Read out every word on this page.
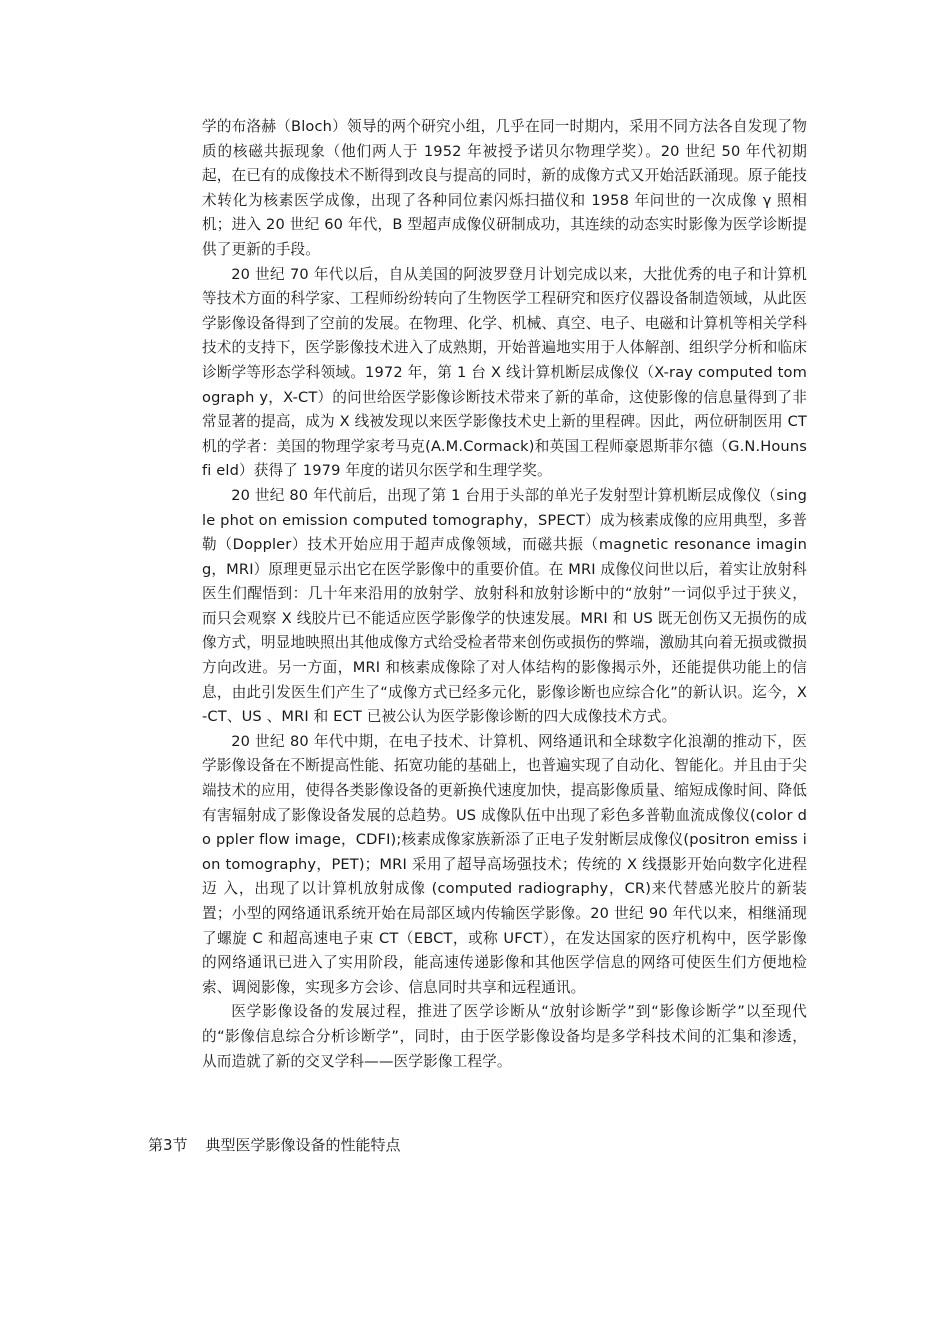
学的布洛赫（Bloch）领导的两个研究小组，几乎在同一时期内，采用不同方法各自发现了物质的核磁共振现象（他们两人于 1952 年被授予诺贝尔物理学奖）。20 世纪 50 年代初期起，在已有的成像技术不断得到改良与提高的同时，新的成像方式又开始活跃涌现。原子能技术转化为核素医学成像，出现了各种同位素闪烁扫描仪和 1958 年问世的一次成像 γ 照相机；进入 20 世纪 60 年代，B 型超声成像仪研制成功，其连续的动态实时影像为医学诊断提供了更新的手段。

20 世纪 70 年代以后，自从美国的阿波罗登月计划完成以来，大批优秀的电子和计算机等技术方面的科学家、工程师纷纷转向了生物医学工程研究和医疗仪器设备制造领域，从此医学影像设备得到了空前的发展。在物理、化学、机械、真空、电子、电磁和计算机等相关学科技术的支持下，医学影像技术进入了成熟期，开始普遍地实用于人体解剖、组织学分析和临床诊断学等形态学科领域。1972 年，第 1 台 X 线计算机断层成像仪（X-ray computed tomograph y，X-CT）的问世给医学影像诊断技术带来了新的革命，这使影像的信息量得到了非常显著的提高，成为 X 线被发现以来医学影像技术史上新的里程碑。因此，两位研制医用 CT 机的学者：美国的物理学家考马克(A.M.Cormack)和英国工程师豪恩斯菲尔德（G.N.Hounsfi eld）获得了 1979 年度的诺贝尔医学和生理学奖。

20 世纪 80 年代前后，出现了第 1 台用于头部的单光子发射型计算机断层成像仪（single phot on emission computed tomography，SPECT）成为核素成像的应用典型，多普勒（Doppler）技术开始应用于超声成像领域，而磁共振（magnetic resonance imaging，MRI）原理更显示出它在医学影像中的重要价值。在 MRI 成像仪问世以后，着实让放射科医生们醒悟到：几十年来沿用的放射学、放射科和放射诊断中的“放射”一词似乎过于狭义，而只会观察 X 线胶片已不能适应医学影像学的快速发展。MRI 和 US 既无创伤又无损伤的成像方式，明显地映照出其他成像方式给受检者带来创伤或损伤的弊端，激励其向着无损或微损方向改进。另一方面，MRI 和核素成像除了对人体结构的影像揭示外，还能提供功能上的信息，由此引发医生们产生了“成像方式已经多元化，影像诊断也应综合化”的新认识。迄今，X-CT、US 、MRI 和 ECT 已被公认为医学影像诊断的四大成像技术方式。

20 世纪 80 年代中期，在电子技术、计算机、网络通讯和全球数字化浪潮的推动下，医学影像设备在不断提高性能、拓宽功能的基础上，也普遍实现了自动化、智能化。并且由于尖端技术的应用，使得各类影像设备的更新换代速度加快，提高影像质量、缩短成像时间、降低有害辐射成了影像设备发展的总趋势。US 成像队伍中出现了彩色多普勒血流成像仪(color do ppler flow image，CDFI);核素成像家族新添了正电子发射断层成像仪(positron emiss ion tomography，PET)；MRI 采用了超导高场强技术；传统的 X 线摄影开始向数字化进程迈 入，出现了以计算机放射成像 (computed radiography，CR)来代替感光胶片的新装置；小型的网络通讯系统开始在局部区域内传输医学影像。20 世纪 90 年代以来，相继涌现了螺旋 C 和超高速电子束 CT（EBCT，或称 UFCT），在发达国家的医疗机构中，医学影像的网络通讯已进入了实用阶段，能高速传递影像和其他医学信息的网络可使医生们方便地检索、调阅影像，实现多方会诊、信息同时共享和远程通讯。

医学影像设备的发展过程，推进了医学诊断从“放射诊断学”到“影像诊断学”以至现代的“影像信息综合分析诊断学”，同时，由于医学影像设备均是多学科技术间的汇集和渗透， 从而造就了新的交叉学科——医学影像工程学。

第3节 典型医学影像设备的性能特点
